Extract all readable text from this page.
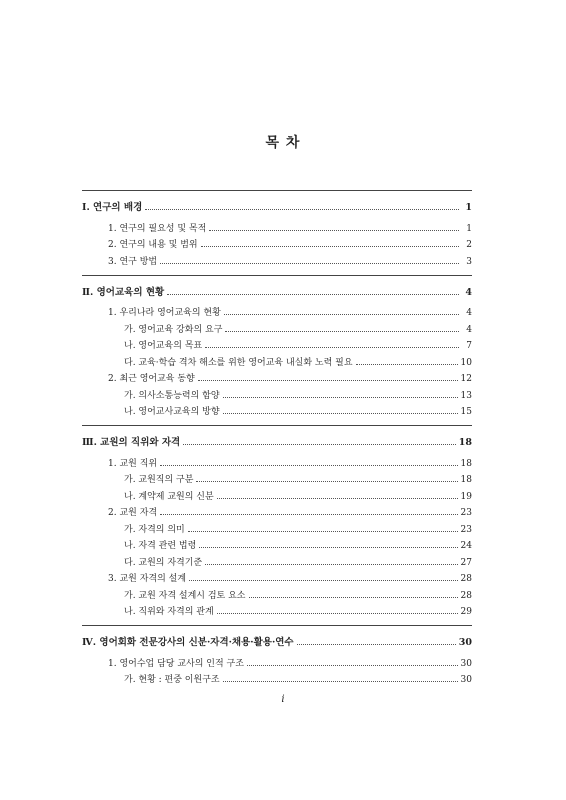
목 차
Ⅰ. 연구의 배경	1
1. 연구의 필요성 및 목적	1
2. 연구의 내용 및 범위	2
3. 연구 방법	3
Ⅱ. 영어교육의 현황	4
1. 우리나라 영어교육의 현황	4
가. 영어교육 강화의 요구	4
나. 영어교육의 목표	7
다. 교육·학습 격차 해소를 위한 영어교육 내실화 노력 필요	10
2. 최근 영어교육 동향	12
가. 의사소통능력의 함양	13
나. 영어교사교육의 방향	15
Ⅲ. 교원의 직위와 자격	18
1. 교원 직위	18
가. 교원직의 구분	18
나. 계약제 교원의 신분	19
2. 교원 자격	23
가. 자격의 의미	23
나. 자격 관련 법령	24
다. 교원의 자격기준	27
3. 교원 자격의 설계	28
가. 교원 자격 설계시 검토 요소	28
나. 직위와 자격의 관계	29
Ⅳ. 영어회화 전문강사의 신분·자격·채용·활용·연수	30
1. 영어수업 담당 교사의 인적 구조	30
가. 현황 : 편중 이원구조	30
i
